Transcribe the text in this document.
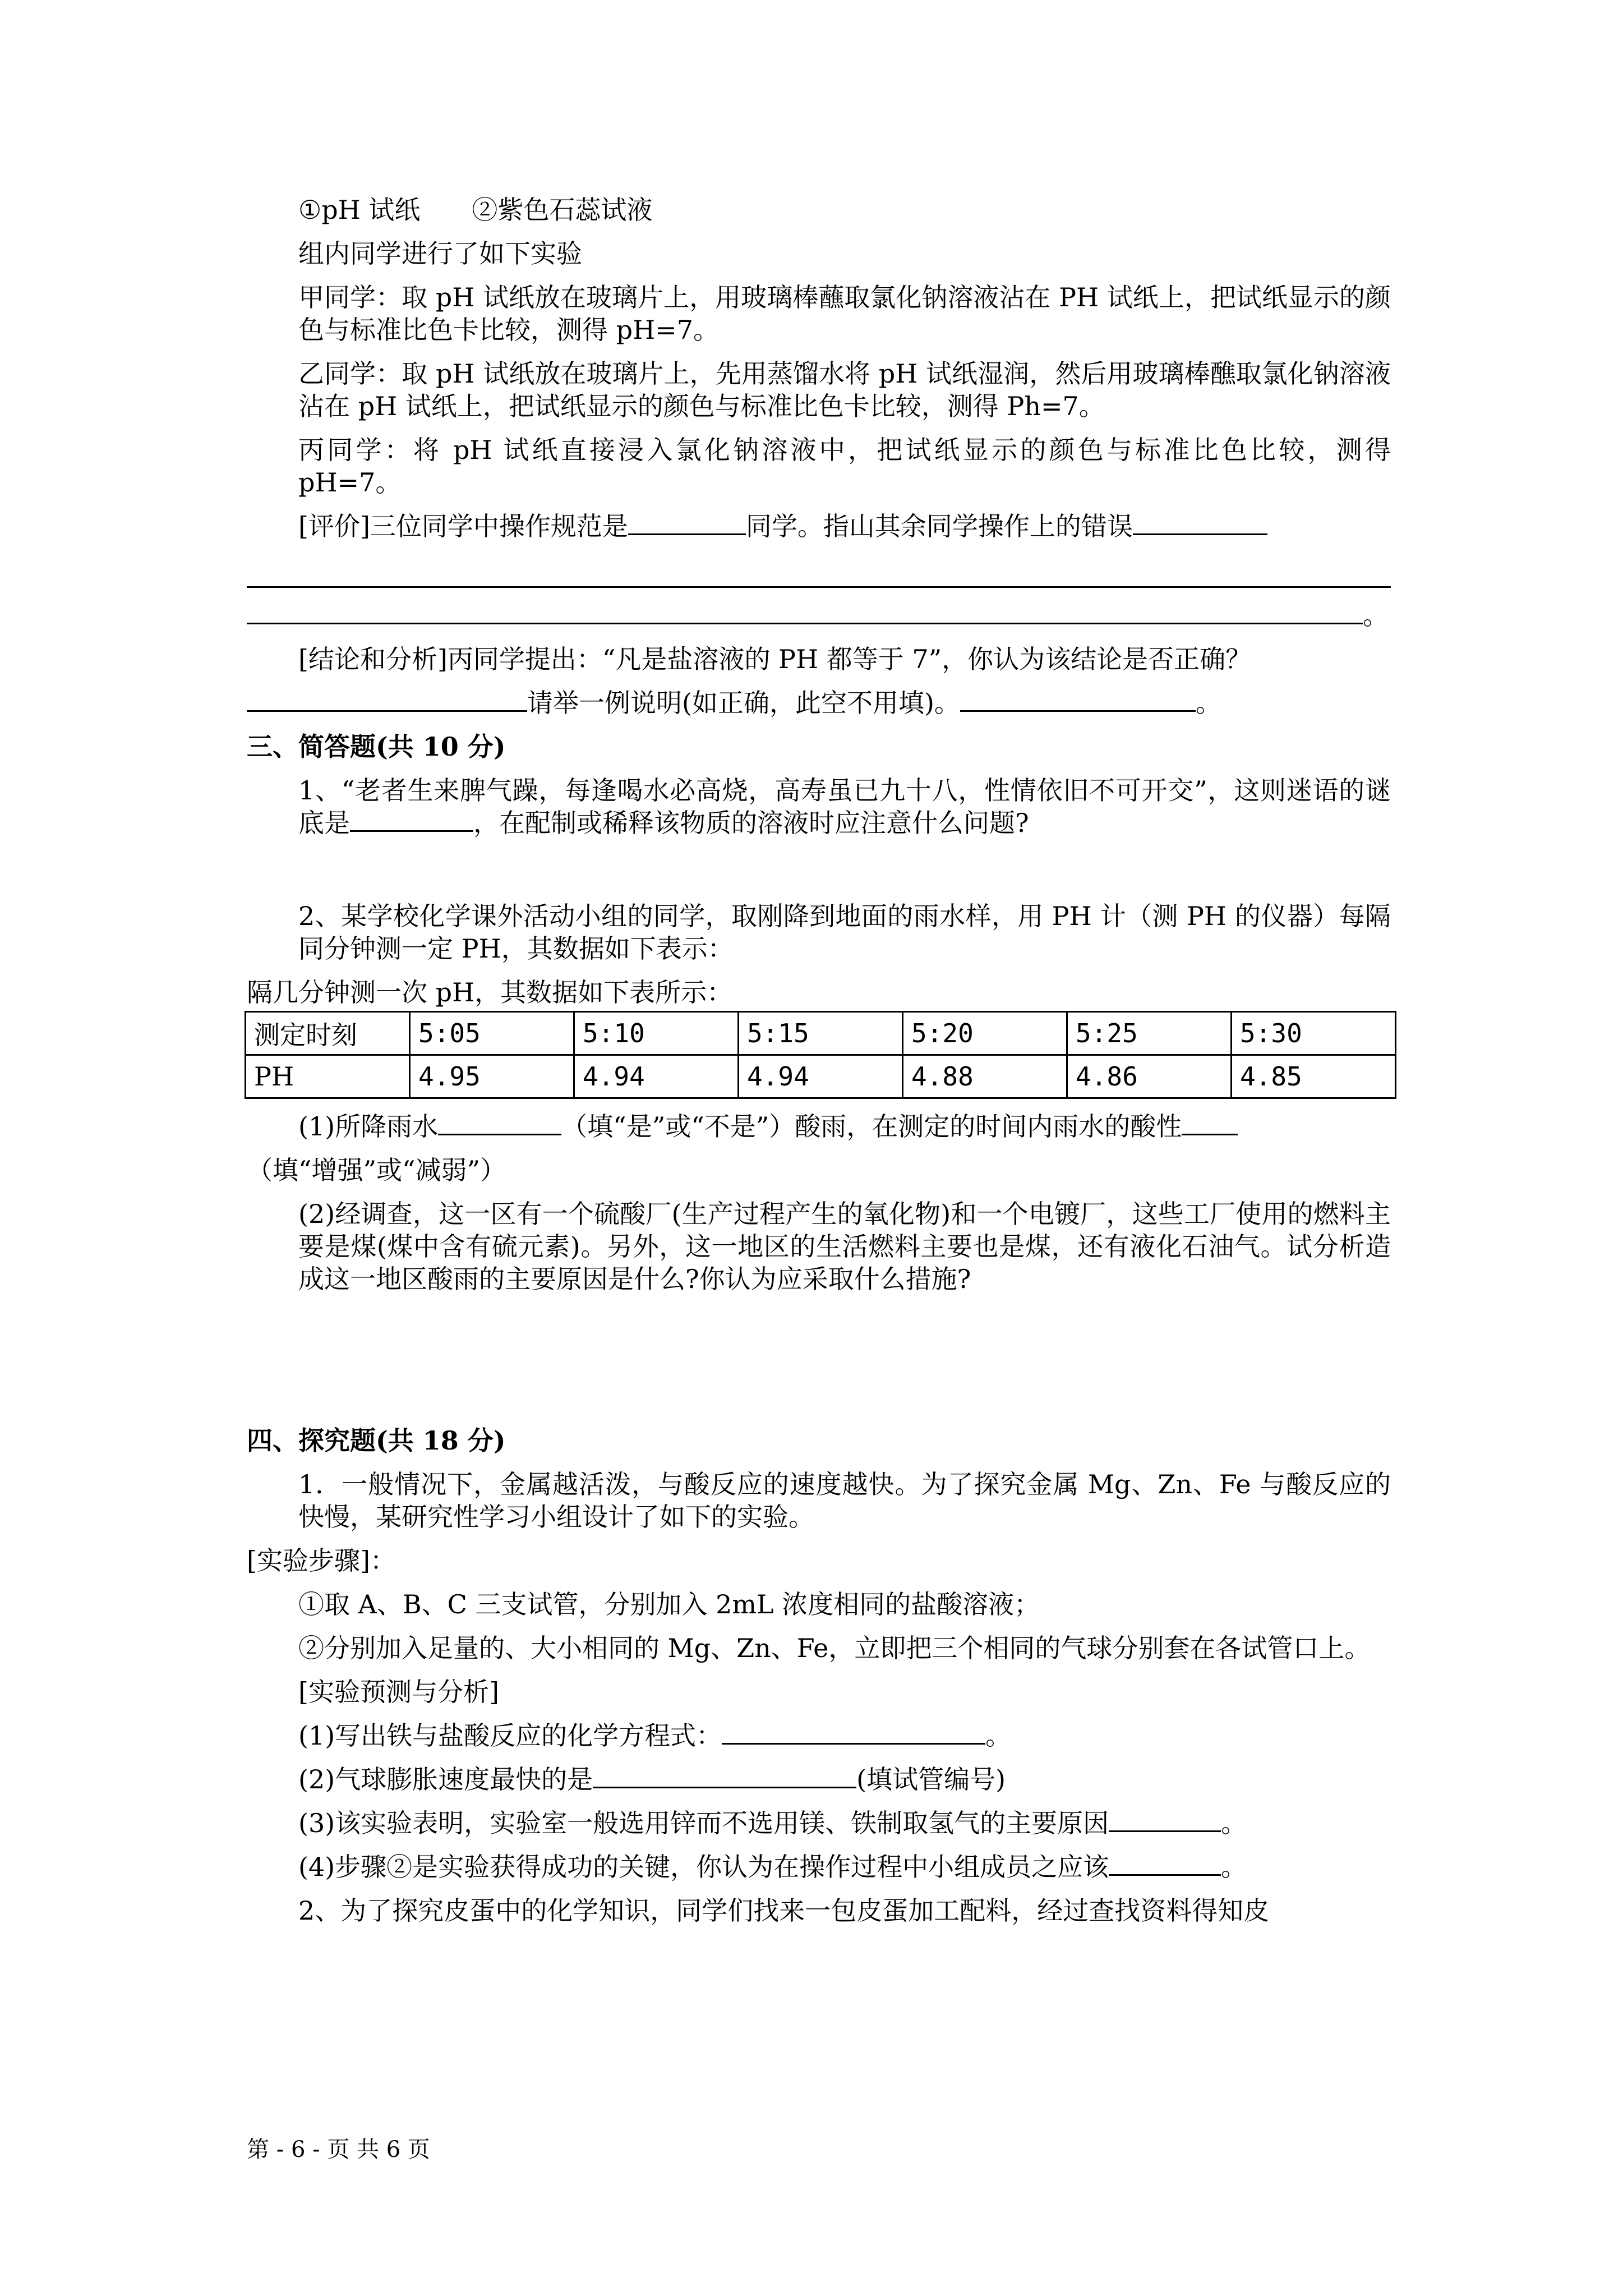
①pH 试纸　　②紫色石蕊试液
组内同学进行了如下实验
甲同学：取 pH 试纸放在玻璃片上，用玻璃棒蘸取氯化钠溶液沾在 PH 试纸上，把试纸显示的颜色与标准比色卡比较，测得 pH=7。
乙同学：取 pH 试纸放在玻璃片上，先用蒸馏水将 pH 试纸湿润，然后用玻璃棒醮取氯化钠溶液沾在 pH 试纸上，把试纸显示的颜色与标准比色卡比较，测得 Ph=7。
丙同学：将 pH 试纸直接浸入氯化钠溶液中，把试纸显示的颜色与标准比色比较，测得 pH=7。
[评价]三位同学中操作规范是	同学。指山其余同学操作上的错误
。
[结论和分析]丙同学提出：“凡是盐溶液的 PH 都等于 7”，你认为该结论是否正确？
请举一例说明(如正确，此空不用填)。	。
三、简答题(共 10 分)
1、“老者生来脾气躁，每逢喝水必高烧，高寿虽已九十八，性情依旧不可开交”，这则迷语的谜底是	，在配制或稀释该物质的溶液时应注意什么问题?
2、某学校化学课外活动小组的同学，取刚降到地面的雨水样，用 PH 计（测 PH 的仪器）每隔同分钟测一定 PH，其数据如下表示：
隔几分钟测一次 pH，其数据如下表所示：
测定时刻	5:05	5:10	5:15	5:20	5:25	5:30
PH	4.95	4.94	4.94	4.88	4.86	4.85
(1)所降雨水	（填“是”或“不是”）酸雨，在测定的时间内雨水的酸性
（填“增强”或“减弱”）
(2)经调查，这一区有一个硫酸厂(生产过程产生的氧化物)和一个电镀厂，这些工厂使用的燃料主要是煤(煤中含有硫元素)。另外，这一地区的生活燃料主要也是煤，还有液化石油气。试分析造成这一地区酸雨的主要原因是什么?你认为应采取什么措施?
四、探究题(共 18 分)
1．一般情况下，金属越活泼，与酸反应的速度越快。为了探究金属 Mg、Zn、Fe 与酸反应的快慢，某研究性学习小组设计了如下的实验。
[实验步骤]：
①取 A、B、C 三支试管，分别加入 2mL 浓度相同的盐酸溶液；
②分别加入足量的、大小相同的 Mg、Zn、Fe，立即把三个相同的气球分别套在各试管口上。
[实验预测与分析]
(1)写出铁与盐酸反应的化学方程式：	。
(2)气球膨胀速度最快的是	(填试管编号)
(3)该实验表明，实验室一般选用锌而不选用镁、铁制取氢气的主要原因	。
(4)步骤②是实验获得成功的关键，你认为在操作过程中小组成员之应该	。
2、为了探究皮蛋中的化学知识，同学们找来一包皮蛋加工配料，经过查找资料得知皮
第 - 6 - 页 共 6 页
